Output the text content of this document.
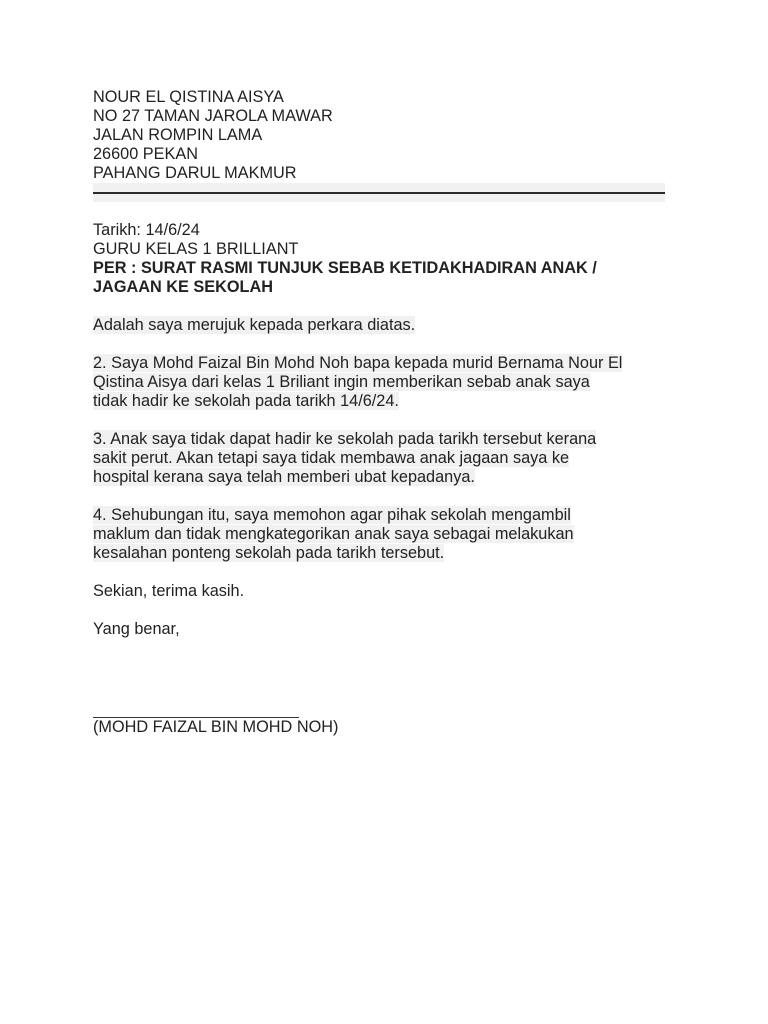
NOUR EL QISTINA AISYA
NO 27 TAMAN JAROLA MAWAR
JALAN ROMPIN LAMA
26600 PEKAN
PAHANG DARUL MAKMUR
Tarikh: 14/6/24
GURU KELAS 1 BRILLIANT
PER : SURAT RASMI TUNJUK SEBAB KETIDAKHADIRAN ANAK /
JAGAAN KE SEKOLAH
Adalah saya merujuk kepada perkara diatas.
2. Saya Mohd Faizal Bin Mohd Noh bapa kepada murid Bernama Nour El
Qistina Aisya dari kelas 1 Briliant ingin memberikan sebab anak saya
tidak hadir ke sekolah pada tarikh 14/6/24.
3. Anak saya tidak dapat hadir ke sekolah pada tarikh tersebut kerana
sakit perut. Akan tetapi saya tidak membawa anak jagaan saya ke
hospital kerana saya telah memberi ubat kepadanya.
4. Sehubungan itu, saya memohon agar pihak sekolah mengambil
maklum dan tidak mengkategorikan anak saya sebagai melakukan
kesalahan ponteng sekolah pada tarikh tersebut.
Sekian, terima kasih.
Yang benar,
(MOHD FAIZAL BIN MOHD NOH)
